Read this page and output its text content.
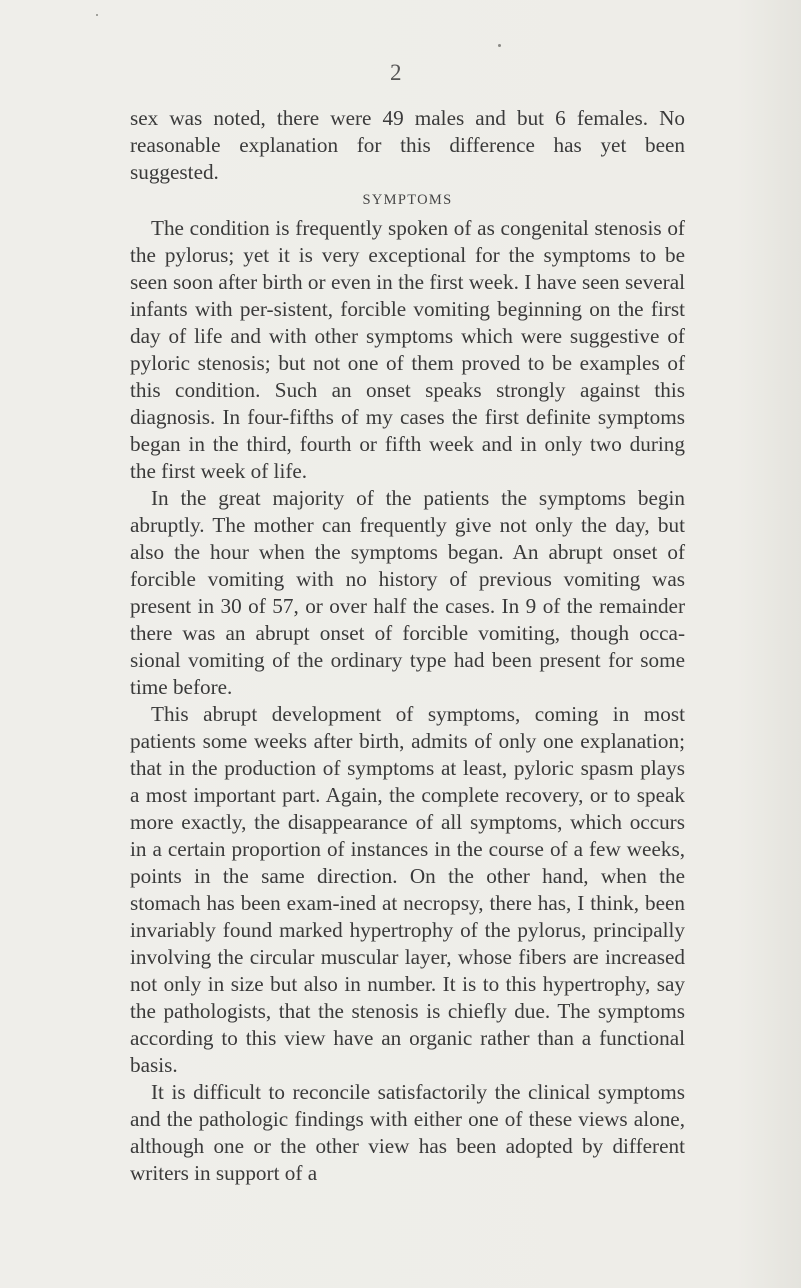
2

sex was noted, there were 49 males and but 6 females. No reasonable explanation for this difference has yet been suggested.

SYMPTOMS

The condition is frequently spoken of as congenital stenosis of the pylorus; yet it is very exceptional for the symptoms to be seen soon after birth or even in the first week. I have seen several infants with per-sistent, forcible vomiting beginning on the first day of life and with other symptoms which were suggestive of pyloric stenosis; but not one of them proved to be examples of this condition. Such an onset speaks strongly against this diagnosis. In four-fifths of my cases the first definite symptoms began in the third, fourth or fifth week and in only two during the first week of life.

In the great majority of the patients the symptoms begin abruptly. The mother can frequently give not only the day, but also the hour when the symptoms began. An abrupt onset of forcible vomiting with no history of previous vomiting was present in 30 of 57, or over half the cases. In 9 of the remainder there was an abrupt onset of forcible vomiting, though occa-sional vomiting of the ordinary type had been present for some time before.

This abrupt development of symptoms, coming in most patients some weeks after birth, admits of only one explanation; that in the production of symptoms at least, pyloric spasm plays a most important part. Again, the complete recovery, or to speak more exactly, the disappearance of all symptoms, which occurs in a certain proportion of instances in the course of a few weeks, points in the same direction. On the other hand, when the stomach has been exam-ined at necropsy, there has, I think, been invariably found marked hypertrophy of the pylorus, principally involving the circular muscular layer, whose fibers are increased not only in size but also in number. It is to this hypertrophy, say the pathologists, that the stenosis is chiefly due. The symptoms according to this view have an organic rather than a functional basis.

It is difficult to reconcile satisfactorily the clinical symptoms and the pathologic findings with either one of these views alone, although one or the other view has been adopted by different writers in support of a
